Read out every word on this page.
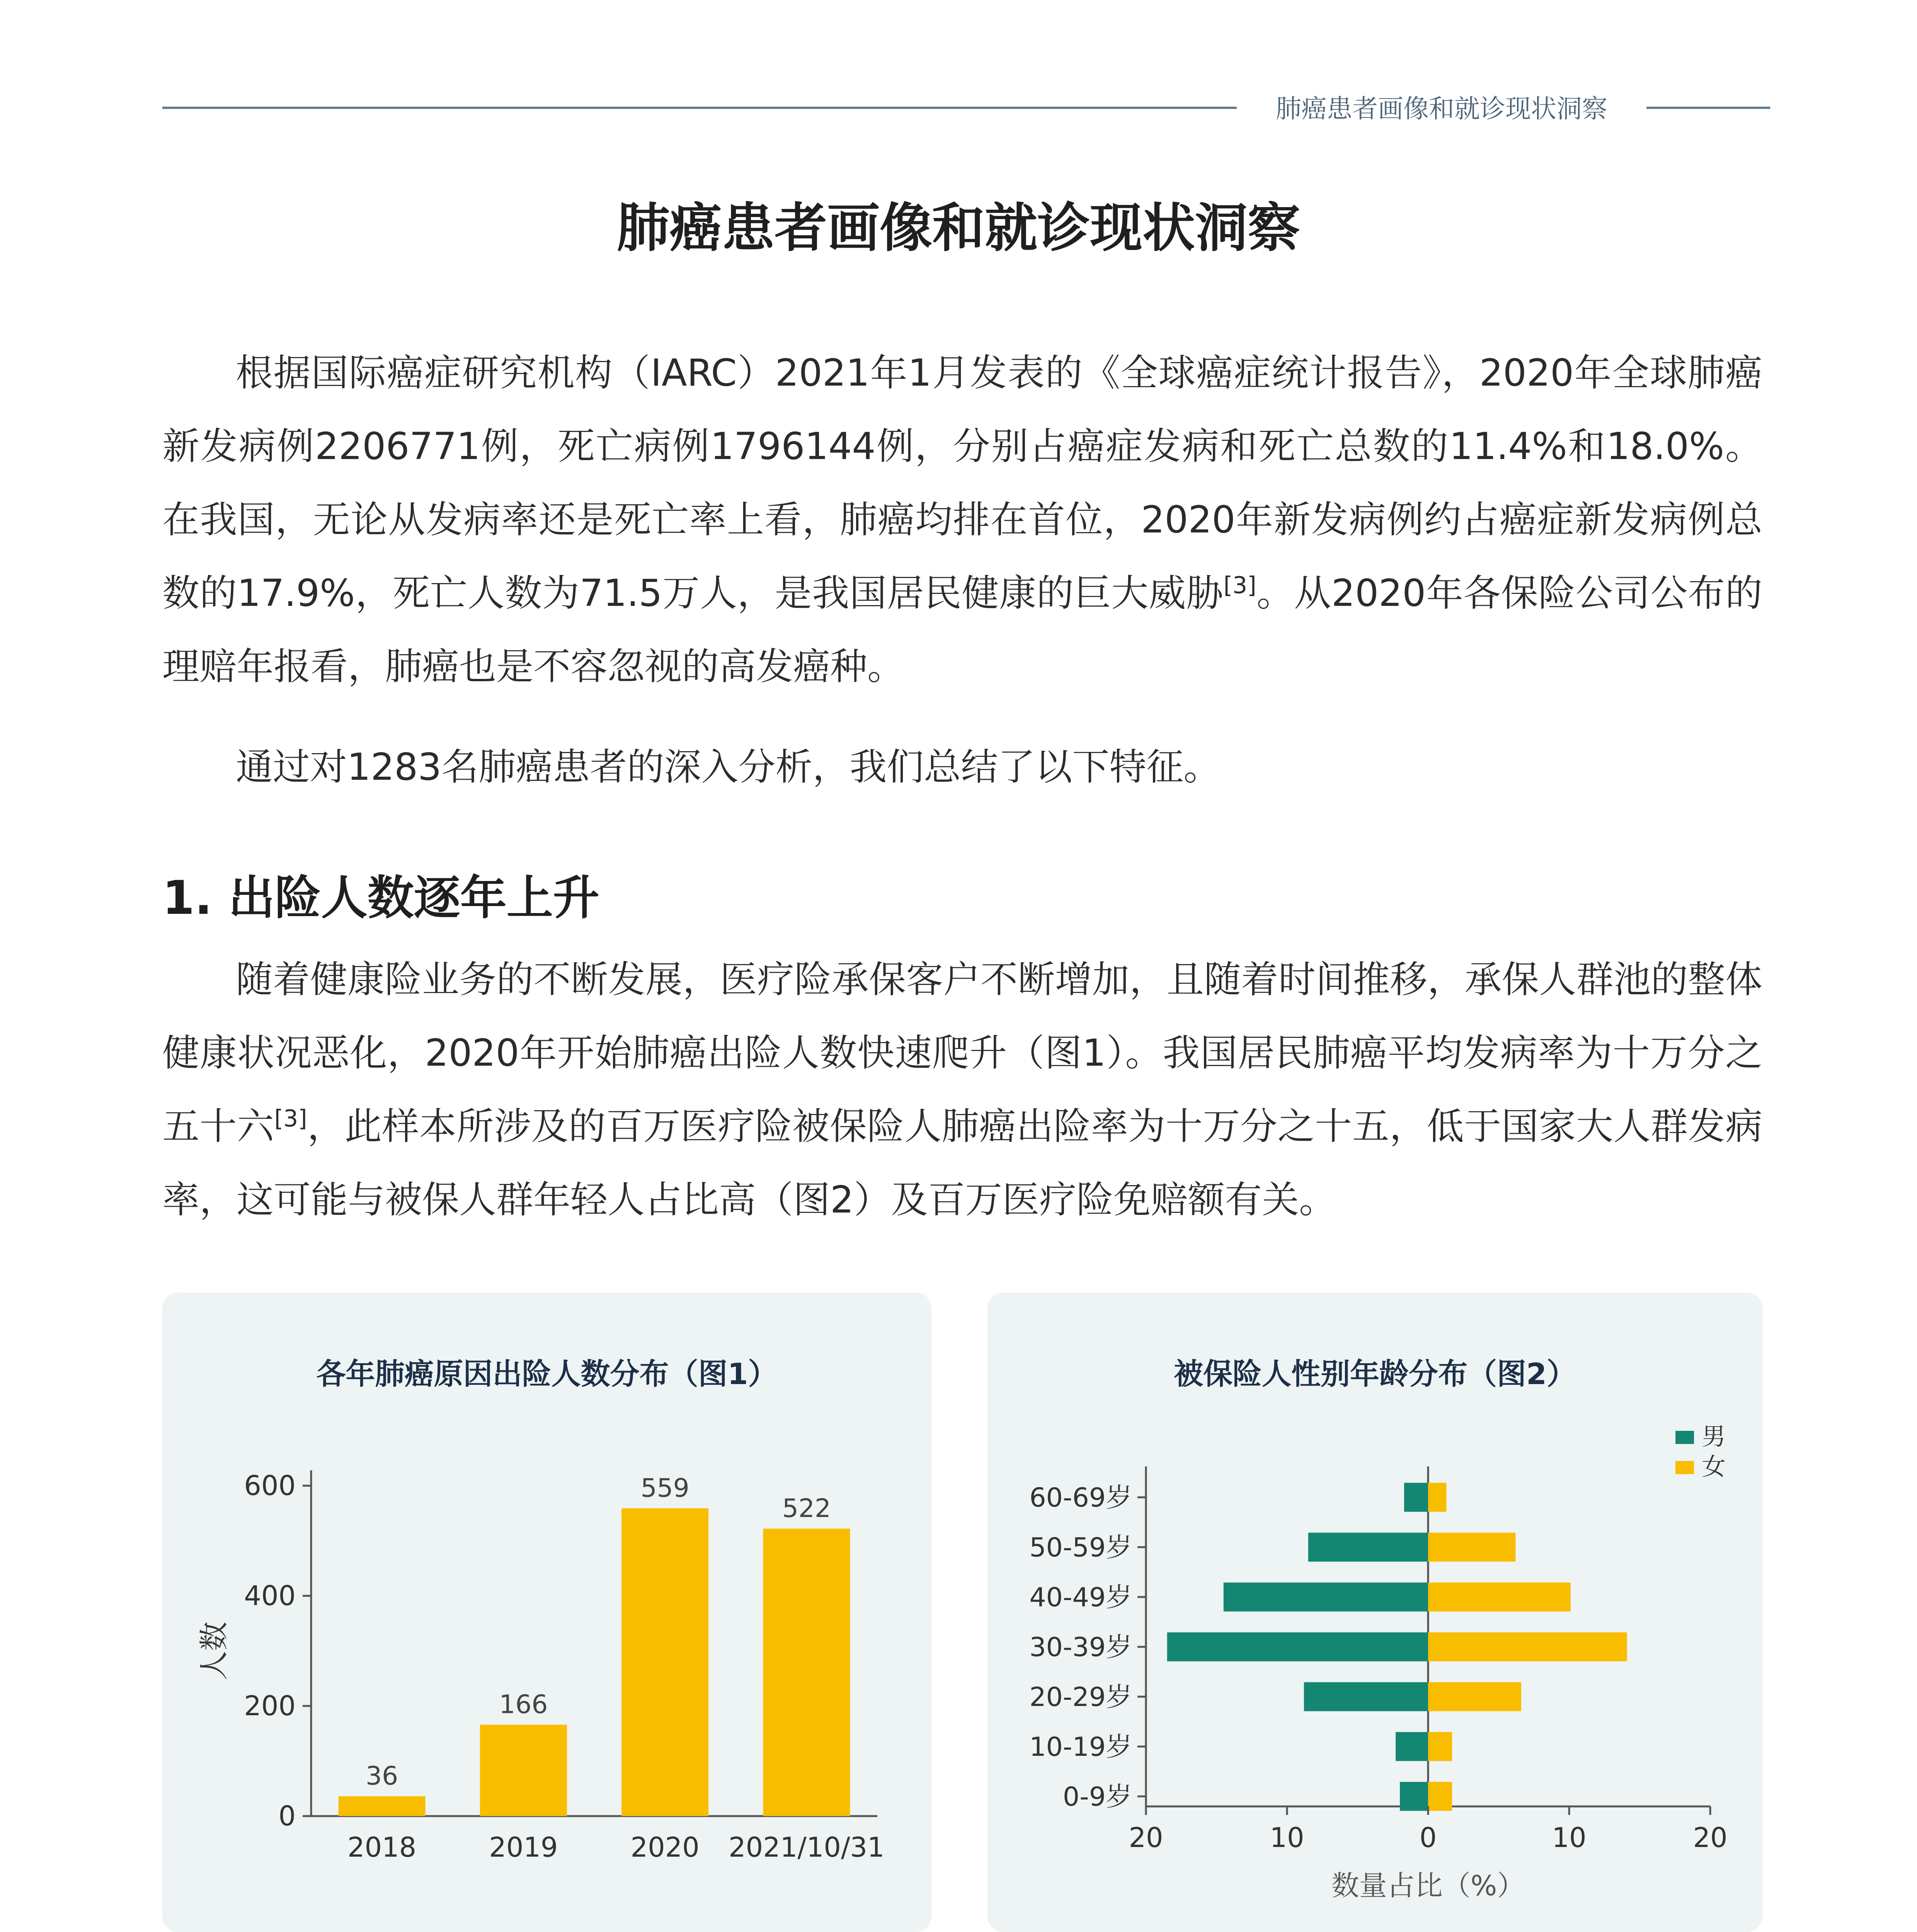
肺癌患者画像和就诊现状洞察
肺癌患者画像和就诊现状洞察
根据国际癌症研究机构（IARC）2021年1月发表的《全球癌症统计报告》，2020年全球肺癌新发病例2206771例，死亡病例1796144例，分别占癌症发病和死亡总数的11.4%和18.0%。在我国，无论从发病率还是死亡率上看，肺癌均排在首位，2020年新发病例约占癌症新发病例总数的17.9%，死亡人数为71.5万人，是我国居民健康的巨大威胁[3]。从2020年各保险公司公布的理赔年报看，肺癌也是不容忽视的高发癌种。
通过对1283名肺癌患者的深入分析，我们总结了以下特征。
1. 出险人数逐年上升
随着健康险业务的不断发展，医疗险承保客户不断增加，且随着时间推移，承保人群池的整体健康状况恶化，2020年开始肺癌出险人数快速爬升（图1）。我国居民肺癌平均发病率为十万分之五十六[3]，此样本所涉及的百万医疗险被保险人肺癌出险率为十万分之十五，低于国家大人群发病率，这可能与被保人群年轻人占比高（图2）及百万医疗险免赔额有关。
各年肺癌原因出险人数分布（图1）
0
200
400
600
36
2018
166
2019
559
2020
522
2021/10/31
人数
被保险人性别年龄分布（图2）
0-9岁
10-19岁
20-29岁
30-39岁
40-49岁
50-59岁
60-69岁
20	10	0	10	20
数量占比（%）
男
女
